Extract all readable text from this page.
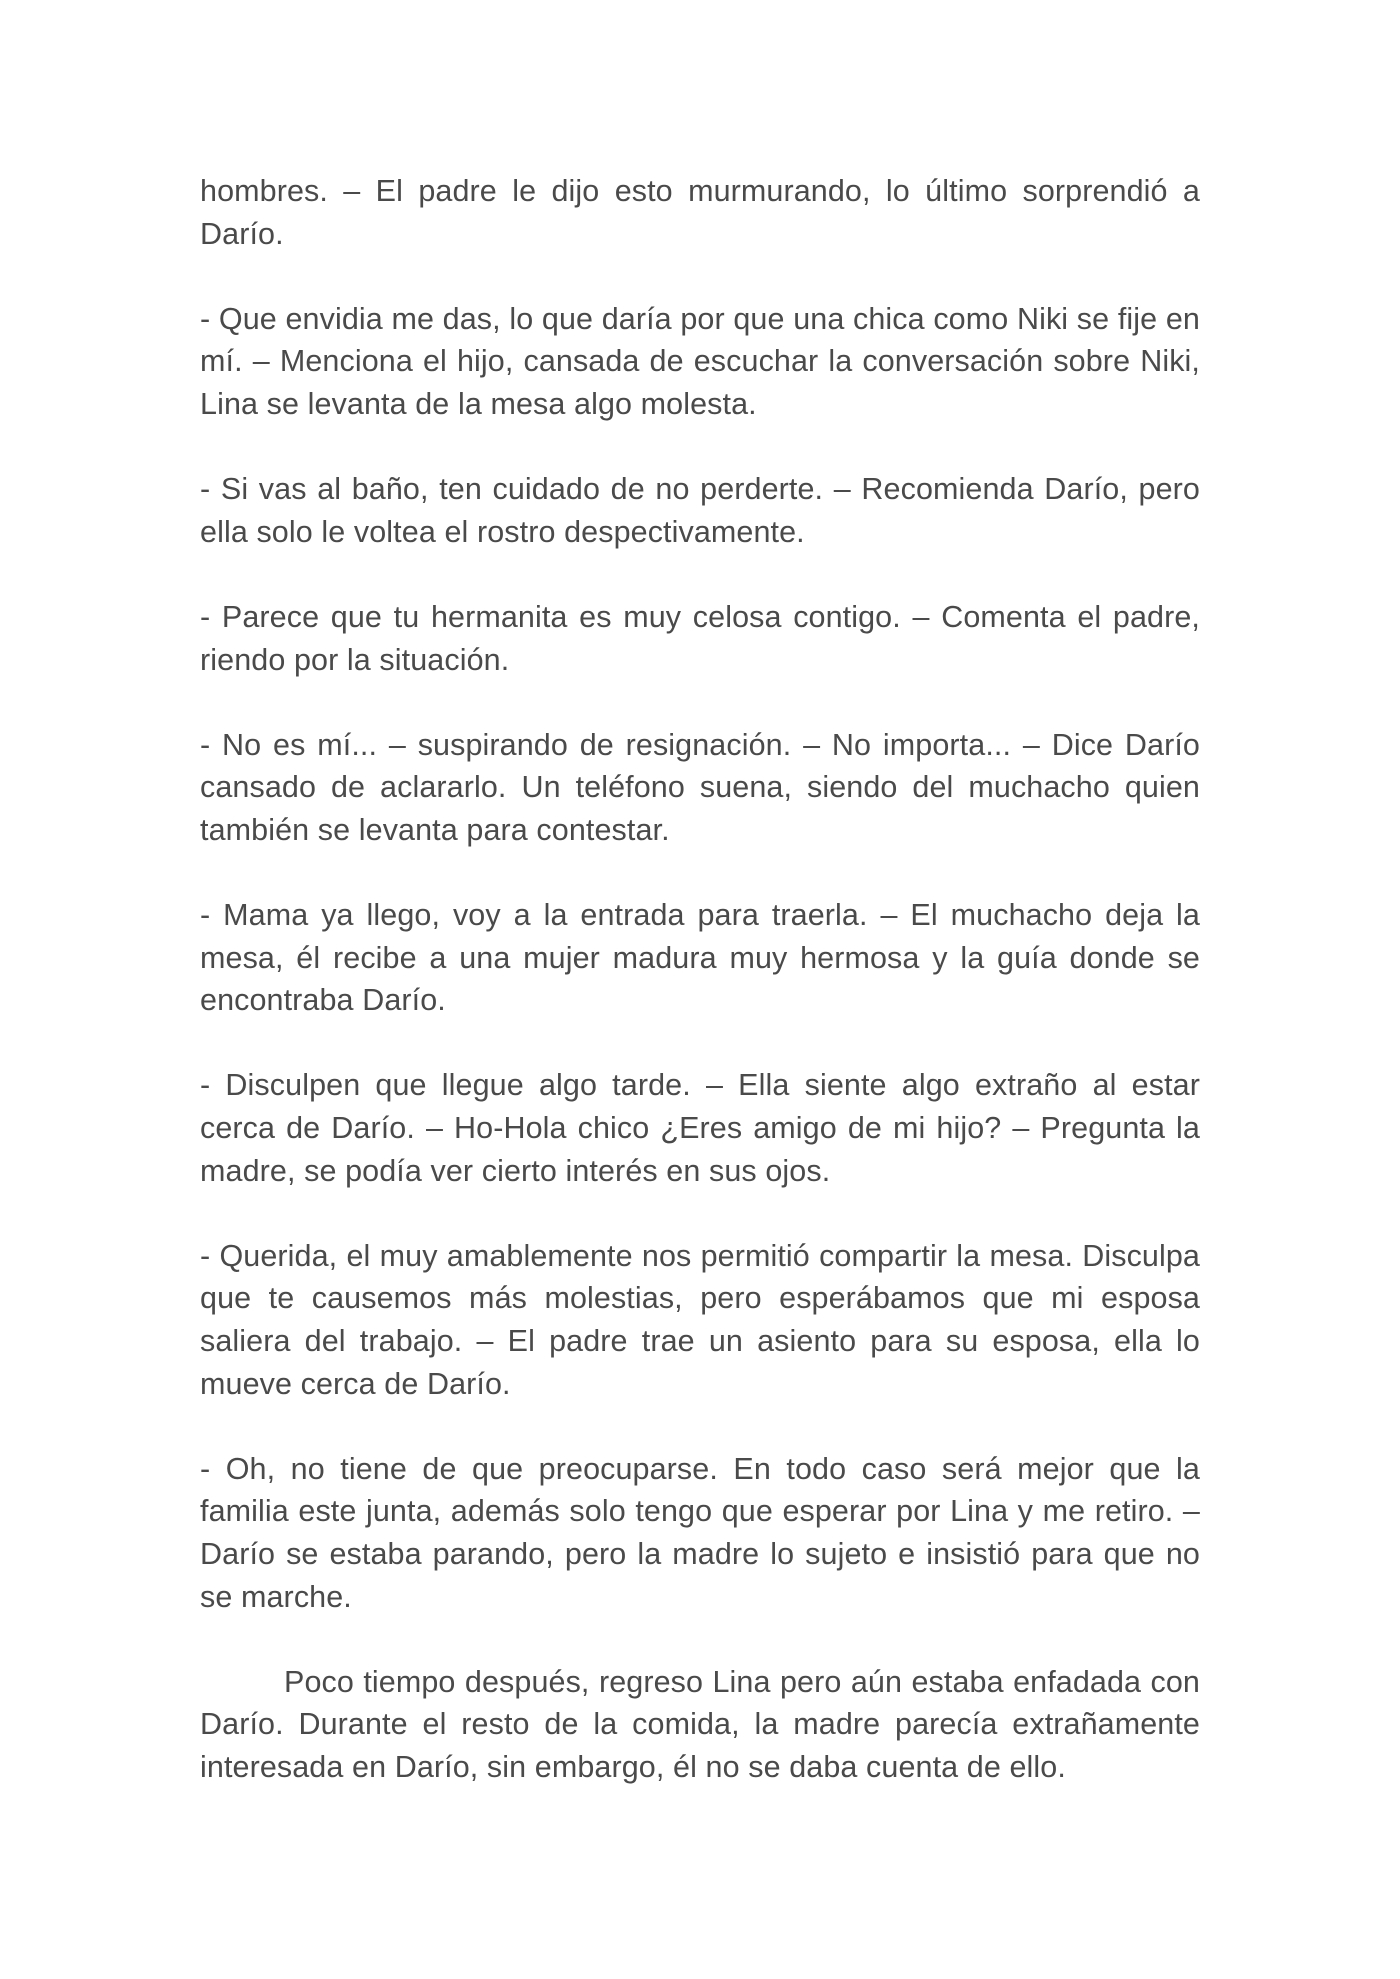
hombres. – El padre le dijo esto murmurando, lo último sorprendió a Darío.

- Que envidia me das, lo que daría por que una chica como Niki se fije en mí. – Menciona el hijo, cansada de escuchar la conversación sobre Niki, Lina se levanta de la mesa algo molesta.

- Si vas al baño, ten cuidado de no perderte. – Recomienda Darío, pero ella solo le voltea el rostro despectivamente.

- Parece que tu hermanita es muy celosa contigo. – Comenta el padre, riendo por la situación.

- No es mí... – suspirando de resignación. – No importa... – Dice Darío cansado de aclararlo. Un teléfono suena, siendo del muchacho quien también se levanta para contestar.

- Mama ya llego, voy a la entrada para traerla. – El muchacho deja la mesa, él recibe a una mujer madura muy hermosa y la guía donde se encontraba Darío.

- Disculpen que llegue algo tarde. – Ella siente algo extraño al estar cerca de Darío. – Ho-Hola chico ¿Eres amigo de mi hijo? – Pregunta la madre, se podía ver cierto interés en sus ojos.

- Querida, el muy amablemente nos permitió compartir la mesa. Disculpa que te causemos más molestias, pero esperábamos que mi esposa saliera del trabajo. – El padre trae un asiento para su esposa, ella lo mueve cerca de Darío.

- Oh, no tiene de que preocuparse. En todo caso será mejor que la familia este junta, además solo tengo que esperar por Lina y me retiro. – Darío se estaba parando, pero la madre lo sujeto e insistió para que no se marche.

Poco tiempo después, regreso Lina pero aún estaba enfadada con Darío. Durante el resto de la comida, la madre parecía extrañamente interesada en Darío, sin embargo, él no se daba cuenta de ello.
